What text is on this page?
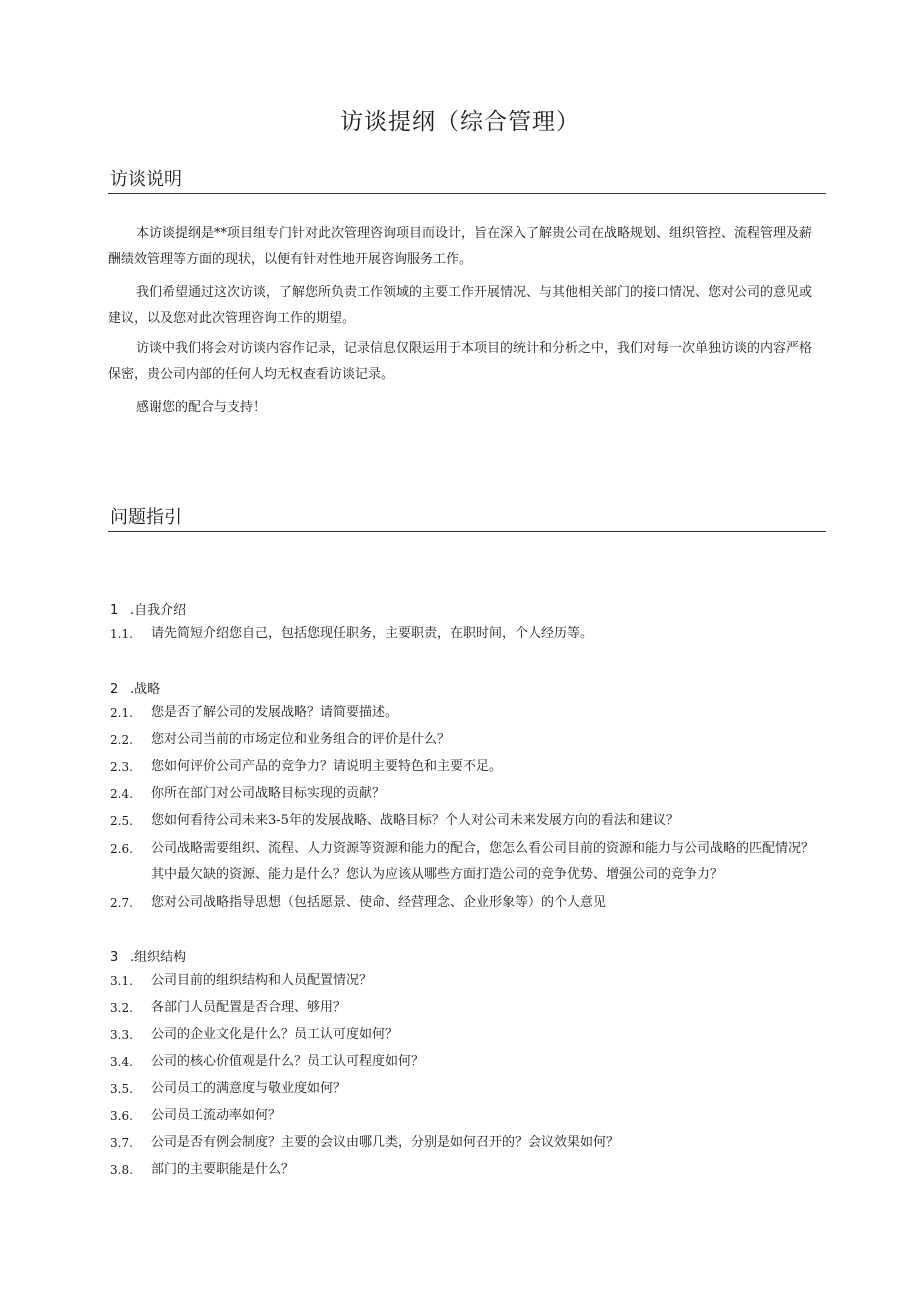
访谈提纲（综合管理）
访谈说明

本访谈提纲是**项目组专门针对此次管理咨询项目而设计，旨在深入了解贵公司在战略规划、组织管控、流程管理及薪酬绩效管理等方面的现状，以便有针对性地开展咨询服务工作。

我们希望通过这次访谈，了解您所负责工作领域的主要工作开展情况、与其他相关部门的接口情况、您对公司的意见或建议，以及您对此次管理咨询工作的期望。

访谈中我们将会对访谈内容作记录，记录信息仅限运用于本项目的统计和分析之中，我们对每一次单独访谈的内容严格保密，贵公司内部的任何人均无权查看访谈记录。

感谢您的配合与支持！

问题指引
1 .自我介绍
1.1. 请先简短介绍您自己，包括您现任职务，主要职责，在职时间，个人经历等。
2 .战略
2.1. 您是否了解公司的发展战略？请简要描述。
2.2. 您对公司当前的市场定位和业务组合的评价是什么？
2.3. 您如何评价公司产品的竞争力？请说明主要特色和主要不足。
2.4. 你所在部门对公司战略目标实现的贡献？
2.5. 您如何看待公司未来3-5年的发展战略、战略目标？个人对公司未来发展方向的看法和建议？
2.6. 公司战略需要组织、流程、人力资源等资源和能力的配合，您怎么看公司目前的资源和能力与公司战略的匹配情况？其中最欠缺的资源、能力是什么？您认为应该从哪些方面打造公司的竞争优势、增强公司的竞争力？
2.7. 您对公司战略指导思想（包括愿景、使命、经营理念、企业形象等）的个人意见
3 .组织结构
3.1. 公司目前的组织结构和人员配置情况？
3.2. 各部门人员配置是否合理、够用？
3.3. 公司的企业文化是什么？员工认可度如何？
3.4. 公司的核心价值观是什么？员工认可程度如何？
3.5. 公司员工的满意度与敬业度如何？
3.6. 公司员工流动率如何？
3.7. 公司是否有例会制度？主要的会议由哪几类，分别是如何召开的？会议效果如何？
3.8. 部门的主要职能是什么？
